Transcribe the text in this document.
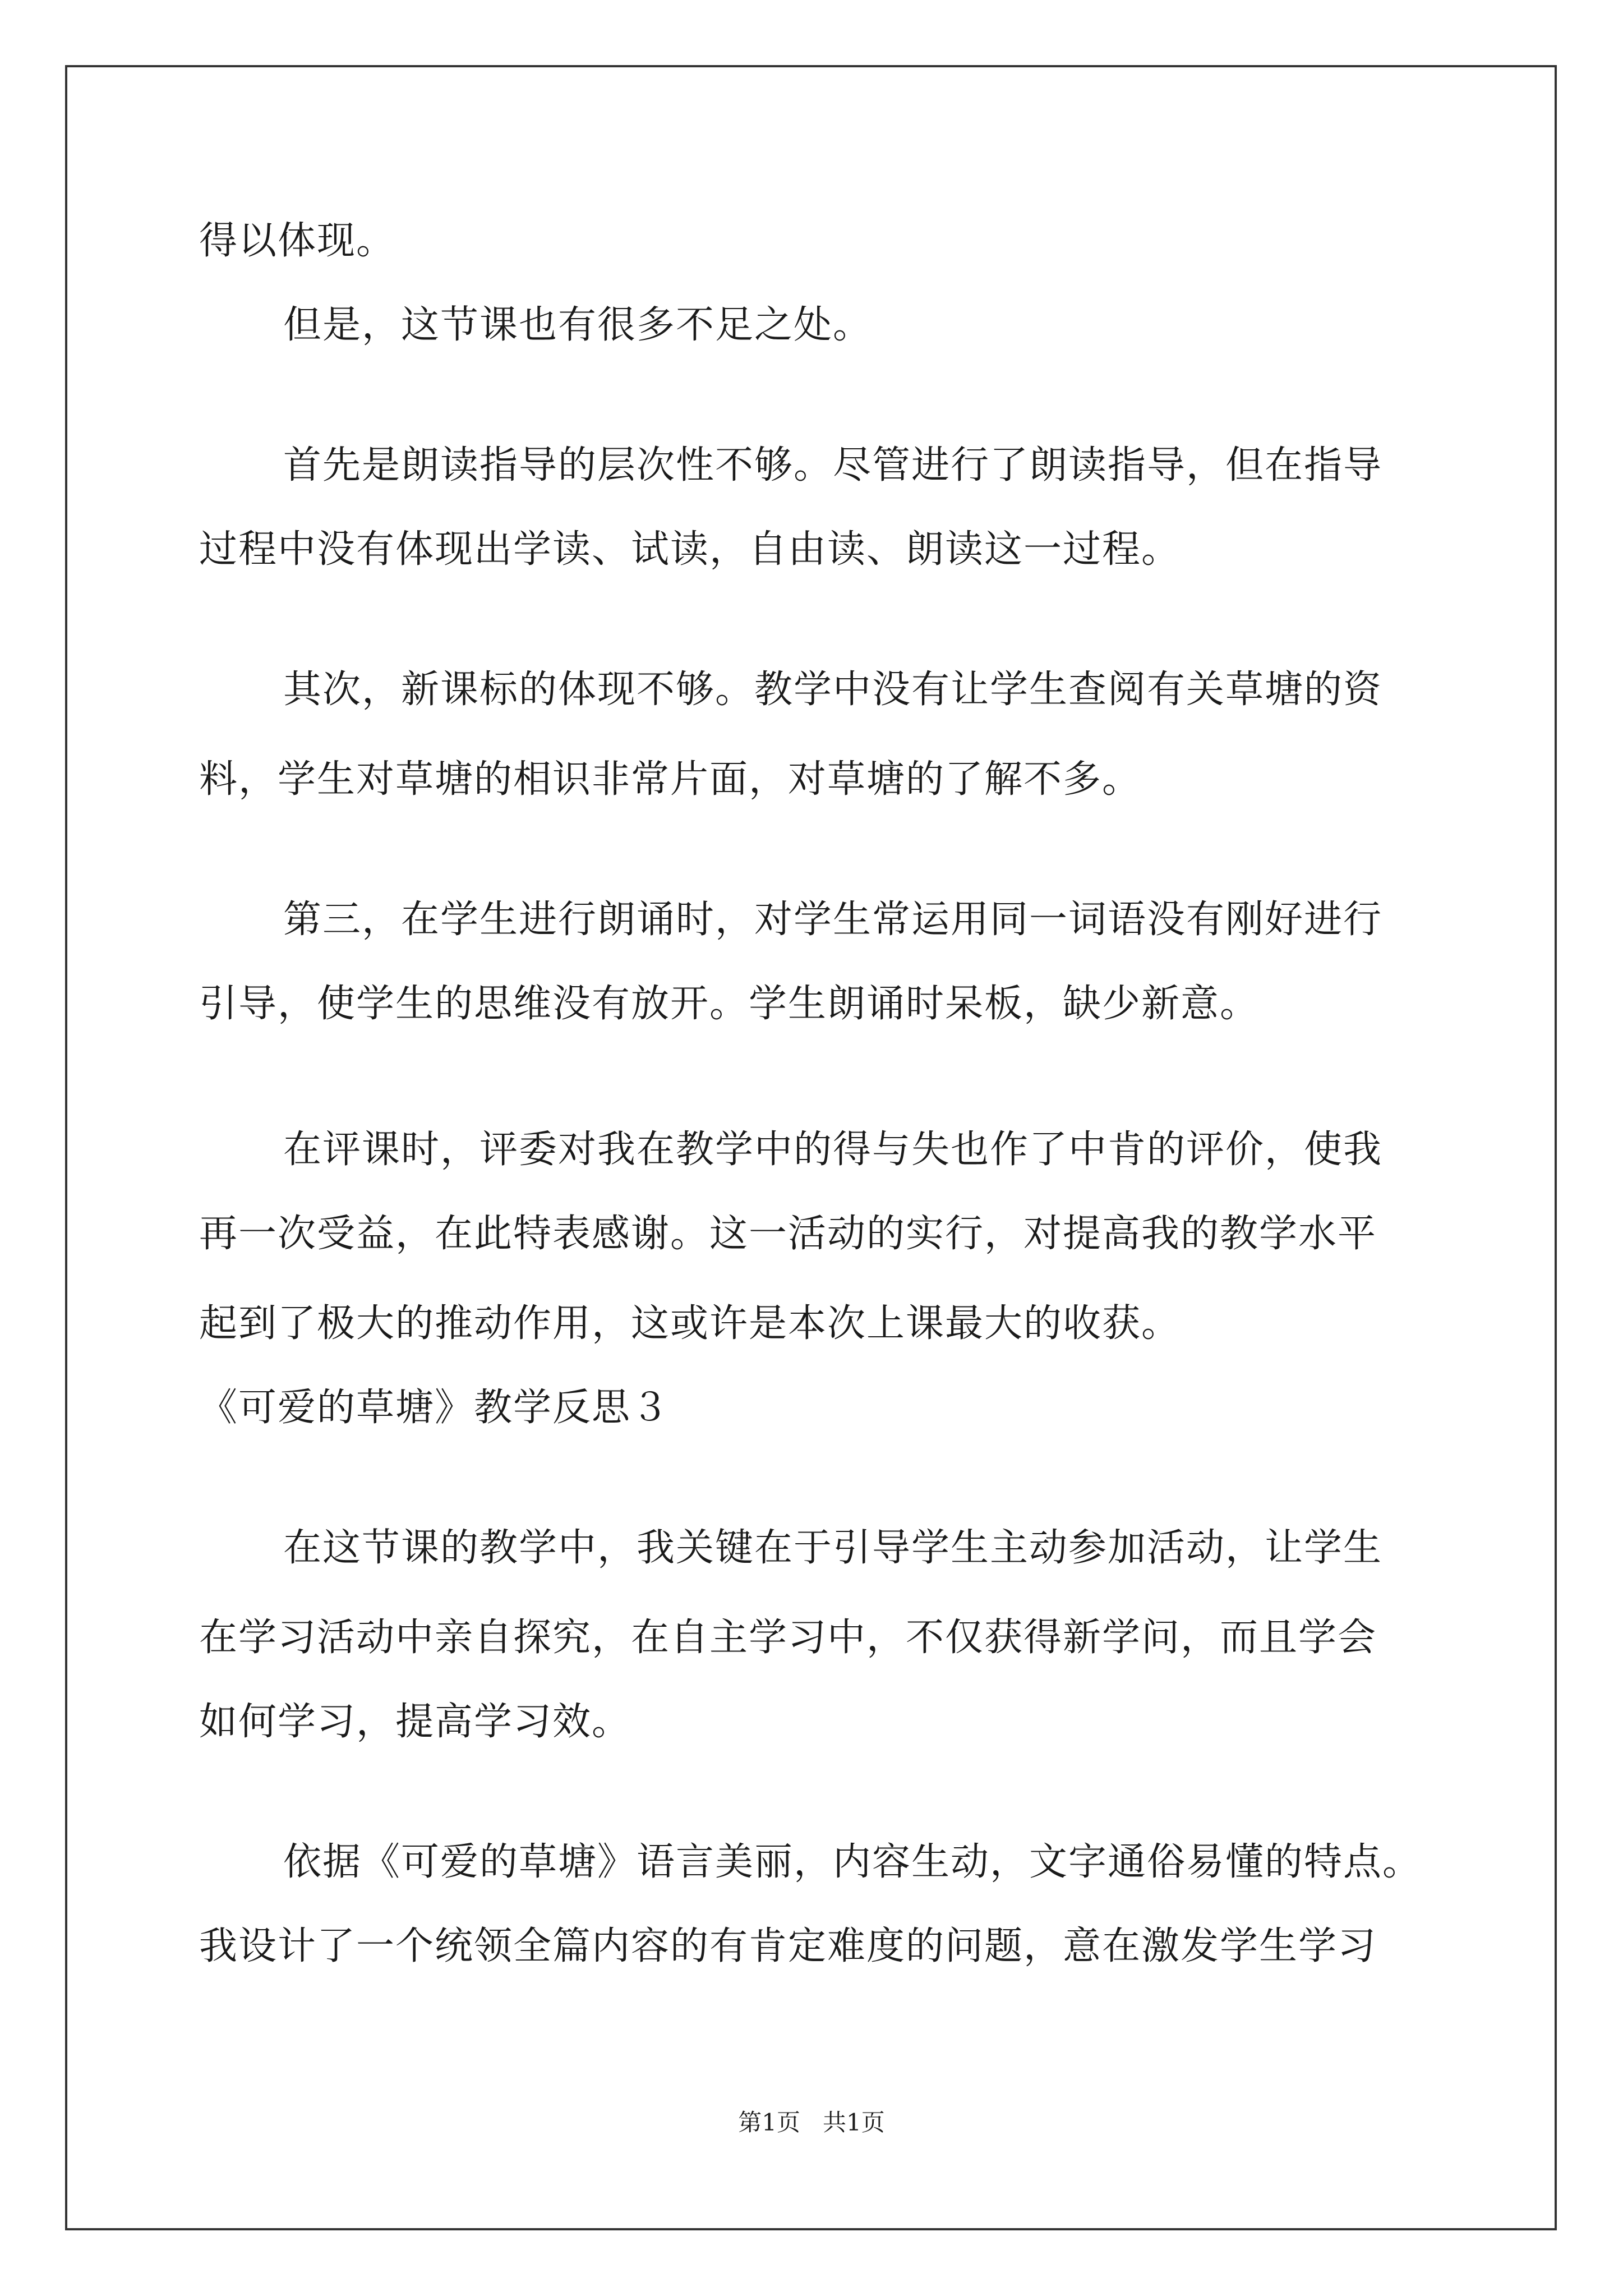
得以体现。
但是，这节课也有很多不足之处。
首先是朗读指导的层次性不够。尽管进行了朗读指导，但在指导
过程中没有体现出学读、试读，自由读、朗读这一过程。
其次，新课标的体现不够。教学中没有让学生查阅有关草塘的资
料，学生对草塘的相识非常片面，对草塘的了解不多。
第三，在学生进行朗诵时，对学生常运用同一词语没有刚好进行
引导，使学生的思维没有放开。学生朗诵时呆板，缺少新意。
在评课时，评委对我在教学中的得与失也作了中肯的评价，使我
再一次受益，在此特表感谢。这一活动的实行，对提高我的教学水平
起到了极大的推动作用，这或许是本次上课最大的收获。
《可爱的草塘》教学反思３
在这节课的教学中，我关键在于引导学生主动参加活动，让学生
在学习活动中亲自探究，在自主学习中，不仅获得新学问，而且学会
如何学习，提高学习效。
依据《可爱的草塘》语言美丽，内容生动，文字通俗易懂的特点。
我设计了一个统领全篇内容的有肯定难度的问题，意在激发学生学习
第1页 共1页
